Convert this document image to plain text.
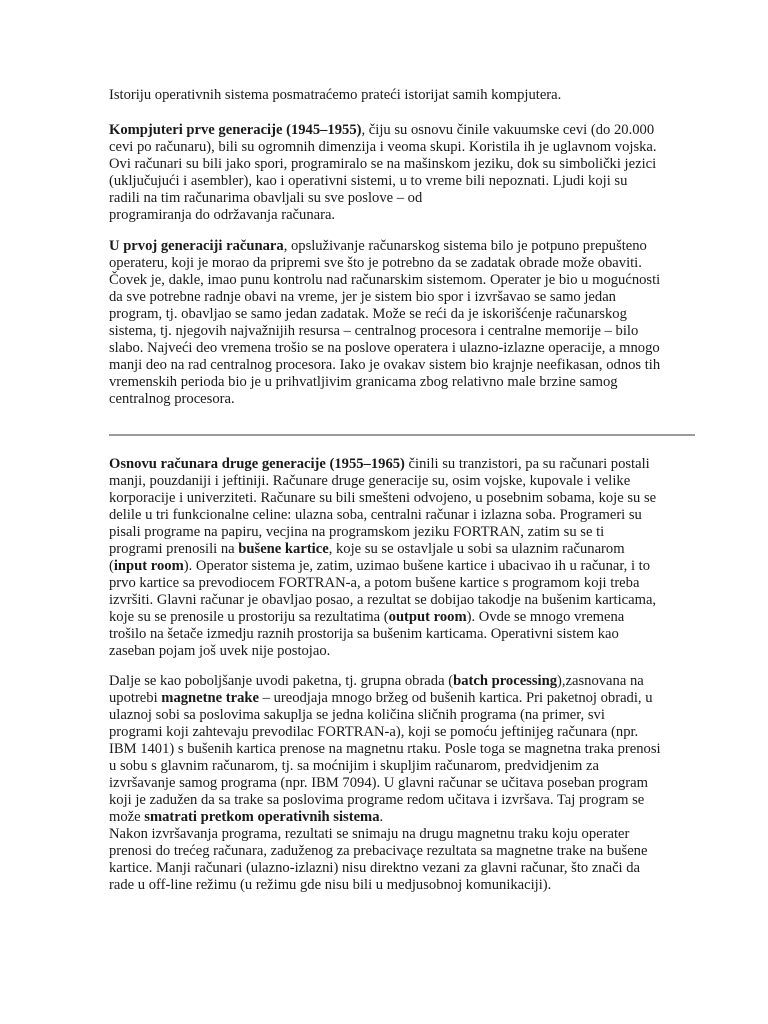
Istoriju operativnih sistema posmatraćemo prateći istorijat samih kompjutera.

Kompjuteri prve generacije (1945–1955), čiju su osnovu činile vakuumske cevi (do 20.000
cevi po računaru), bili su ogromnih dimenzija i veoma skupi. Koristila ih je uglavnom vojska.
Ovi računari su bili jako spori, programiralo se na mašinskom jeziku, dok su simbolički jezici
(uključujući i asembler), kao i operativni sistemi, u to vreme bili nepoznati. Ljudi koji su
radili na tim računarima obavljali su sve poslove – od
programiranja do održavanja računara.

U prvoj generaciji računara, opsluživanje računarskog sistema bilo je potpuno prepušteno
operateru, koji je morao da pripremi sve što je potrebno da se zadatak obrade može obaviti.
Čovek je, dakle, imao punu kontrolu nad računarskim sistemom. Operater je bio u mogućnosti
da sve potrebne radnje obavi na vreme, jer je sistem bio spor i izvršavao se samo jedan
program, tj. obavljao se samo jedan zadatak. Može se reći da je iskorišćenje računarskog
sistema, tj. njegovih najvažnijih resursa – centralnog procesora i centralne memorije – bilo
slabo. Najveći deo vremena trošio se na poslove operatera i ulazno-izlazne operacije, a mnogo
manji deo na rad centralnog procesora. Iako je ovakav sistem bio krajnje neefikasan, odnos tih
vremenskih perioda bio je u prihvatljivim granicama zbog relativno male brzine samog
centralnog procesora.

Osnovu računara druge generacije (1955–1965) činili su tranzistori, pa su računari postali
manji, pouzdaniji i jeftiniji. Računare druge generacije su, osim vojske, kupovale i velike
korporacije i univerziteti. Računare su bili smešteni odvojeno, u posebnim sobama, koje su se
delile u tri funkcionalne celine: ulazna soba, centralni računar i izlazna soba. Programeri su
pisali programe na papiru, vecjina na programskom jeziku FORTRAN, zatim su se ti
programi prenosili na bušene kartice, koje su se ostavljale u sobi sa ulaznim računarom
(input room). Operator sistema je, zatim, uzimao bušene kartice i ubacivao ih u računar, i to
prvo kartice sa prevodiocem FORTRAN-a, a potom bušene kartice s programom koji treba
izvršiti. Glavni računar je obavljao posao, a rezultat se dobijao takodje na bušenim karticama,
koje su se prenosile u prostoriju sa rezultatima (output room). Ovde se mnogo vremena
trošilo na šetače izmedju raznih prostorija sa bušenim karticama. Operativni sistem kao
zaseban pojam još uvek nije postojao.

Dalje se kao poboljšanje uvodi paketna, tj. grupna obrada (batch processing),zasnovana na
upotrebi magnetne trake – ureodjaja mnogo bržeg od bušenih kartica. Pri paketnoj obradi, u
ulaznoj sobi sa poslovima sakuplja se jedna količina sličnih programa (na primer, svi
programi koji zahtevaju prevodilac FORTRAN-a), koji se pomoću jeftinijeg računara (npr.
IBM 1401) s bušenih kartica prenose na magnetnu rtaku. Posle toga se magnetna traka prenosi
u sobu s glavnim računarom, tj. sa moćnijim i skupljim računarom, predvidjenim za
izvršavanje samog programa (npr. IBM 7094). U glavni računar se učitava poseban program
koji je zadužen da sa trake sa poslovima programe redom učitava i izvršava. Taj program se
može smatrati pretkom operativnih sistema.

Nakon izvršavanja programa, rezultati se snimaju na drugu magnetnu traku koju operater
prenosi do trećeg računara, zaduženog za prebacivaçe rezultata sa magnetne trake na bušene
kartice. Manji računari (ulazno-izlazni) nisu direktno vezani za glavni računar, što znači da
rade u off-line režimu (u režimu gde nisu bili u medjusobnoj komunikaciji).
